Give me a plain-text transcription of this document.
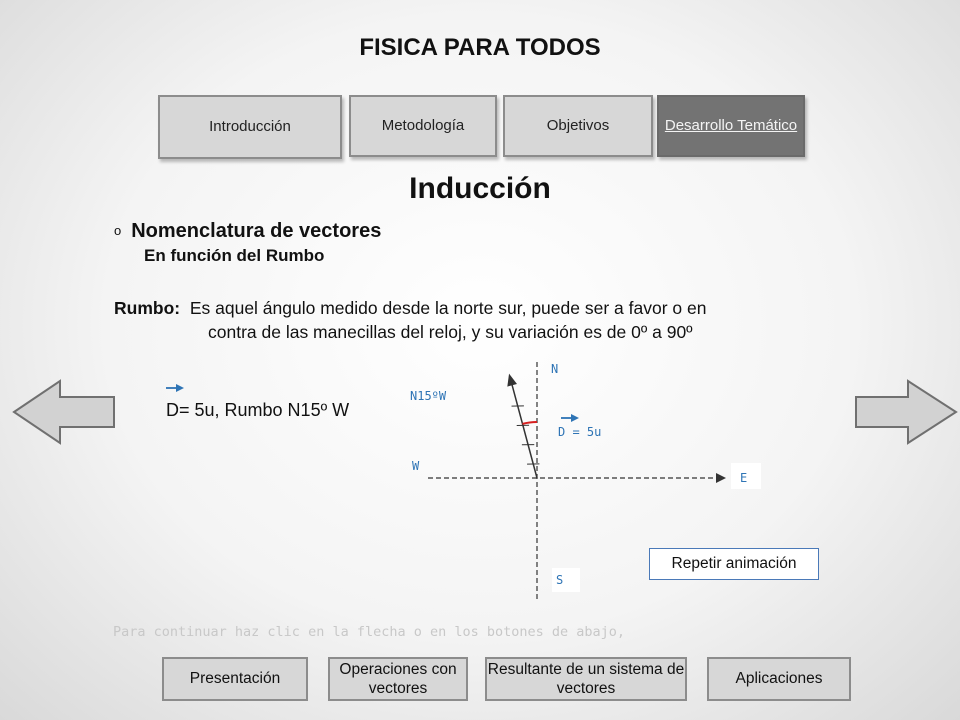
FISICA PARA TODOS
Introducción	Metodología	Objetivos	Desarrollo Temático
Inducción
o Nomenclatura de vectores
En función del Rumbo
Rumbo: Es aquel ángulo medido desde la norte sur, puede ser a favor o en
contra de las manecillas del reloj, y su variación es de 0º a 90º
D= 5u, Rumbo N15º W
N
N15ºW
D = 5u
W
E
S
Repetir animación
Para continuar haz clic en la flecha o en los botones de abajo,
Presentación
Operaciones con vectores
Resultante de un sistema de vectores
Aplicaciones
